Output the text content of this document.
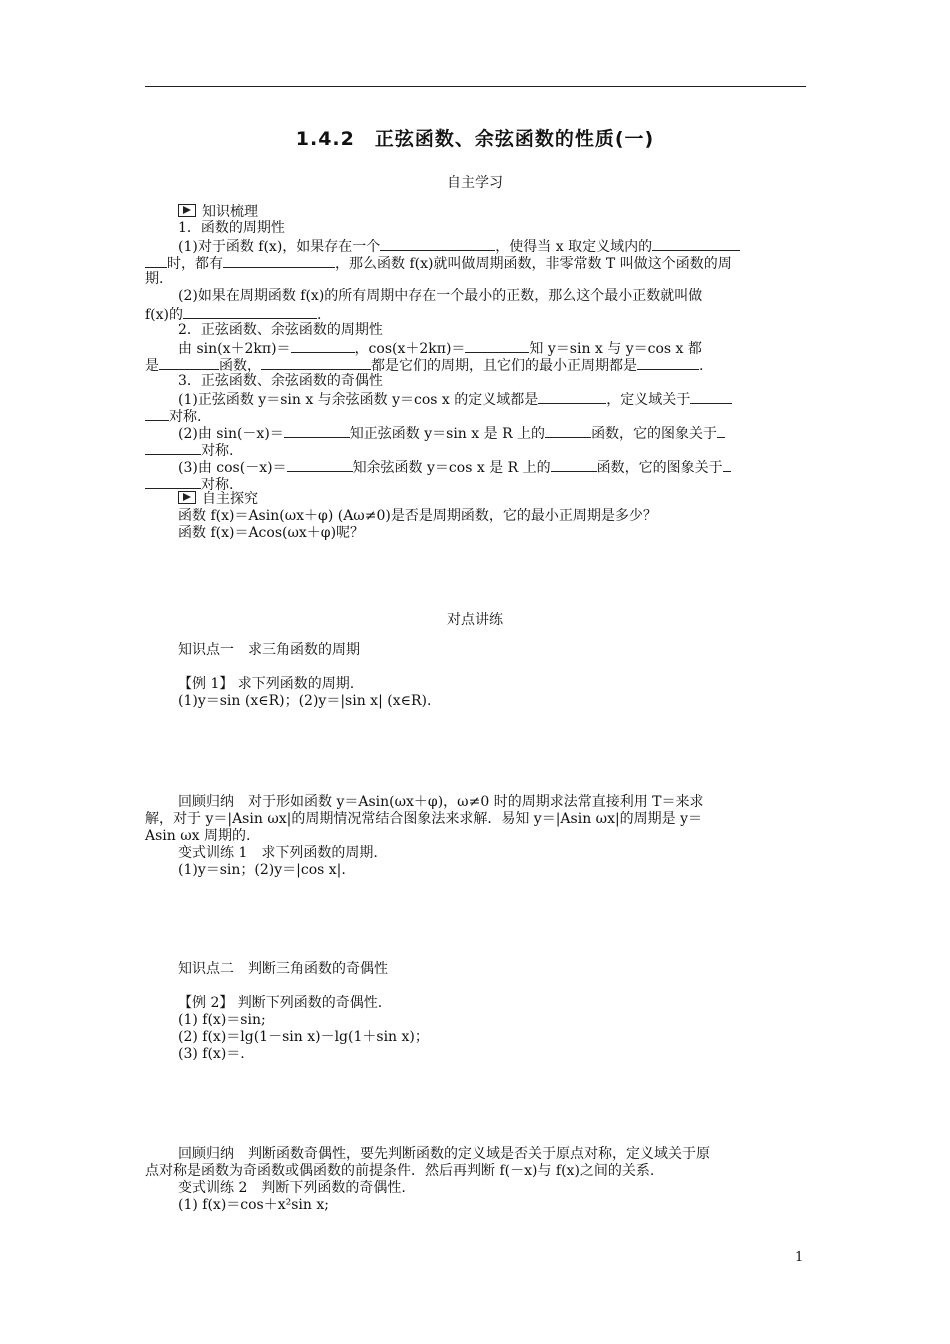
1.4.2　正弦函数、余弦函数的性质(一)
自主学习
知识梳理
1．函数的周期性
(1)对于函数 f(x)，如果存在一个	，使得当 x 取定义域内的
时，都有	，那么函数 f(x)就叫做周期函数，非零常数 T 叫做这个函数的周
期.
(2)如果在周期函数 f(x)的所有周期中存在一个最小的正数，那么这个最小正数就叫做
f(x)的	.
2．正弦函数、余弦函数的周期性
由 sin(x＋2kπ)＝	，cos(x＋2kπ)＝	知 y＝sin x 与 y＝cos x 都
是	函数，	都是它们的周期，且它们的最小正周期都是	.
3．正弦函数、余弦函数的奇偶性
(1)正弦函数 y＝sin x 与余弦函数 y＝cos x 的定义域都是	，定义域关于
对称.
(2)由 sin(－x)＝	知正弦函数 y＝sin x 是 R 上的	函数，它的图象关于
对称.
(3)由 cos(－x)＝	知余弦函数 y＝cos x 是 R 上的	函数，它的图象关于
对称.
自主探究
函数 f(x)＝Asin(ωx＋φ) (Aω≠0)是否是周期函数，它的最小正周期是多少？
函数 f(x)＝Acos(ωx＋φ)呢？
对点讲练
知识点一　求三角函数的周期
【例 1】 求下列函数的周期.
(1)y＝sin (x∈R)；(2)y＝|sin x| (x∈R).
回顾归纳　对于形如函数 y＝Asin(ωx＋φ)，ω≠0 时的周期求法常直接利用 T＝来求
解，对于 y＝|Asin ωx|的周期情况常结合图象法来求解．易知 y＝|Asin ωx|的周期是 y＝
Asin ωx 周期的.
变式训练 1　求下列函数的周期.
(1)y＝sin；(2)y＝|cos x|.
知识点二　判断三角函数的奇偶性
【例 2】 判断下列函数的奇偶性.
(1) f(x)＝sin;
(2) f(x)＝lg(1－sin x)－lg(1＋sin x)；
(3) f(x)＝.
回顾归纳　判断函数奇偶性，要先判断函数的定义域是否关于原点对称，定义域关于原
点对称是函数为奇函数或偶函数的前提条件．然后再判断 f(－x)与 f(x)之间的关系.
变式训练 2　判断下列函数的奇偶性.
(1) f(x)＝cos＋x²sin x;
1
